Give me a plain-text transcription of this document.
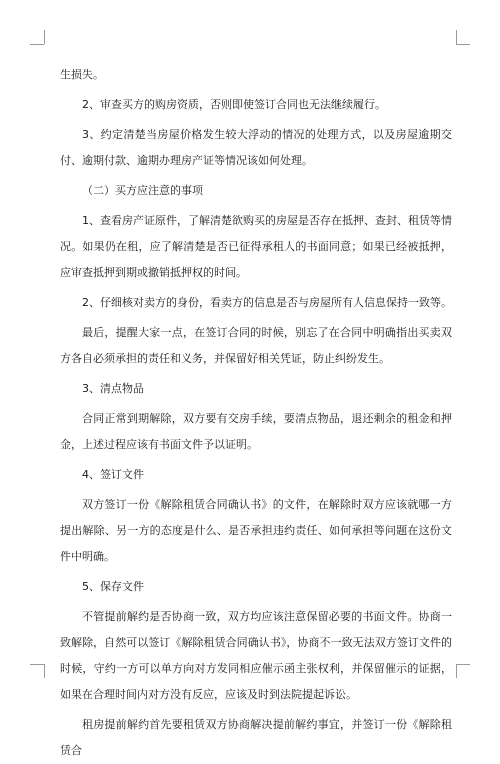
生损失。

2、审查买方的购房资质，否则即使签订合同也无法继续履行。

3、约定清楚当房屋价格发生较大浮动的情况的处理方式，以及房屋逾期交付、逾期付款、逾期办理房产证等情况该如何处理。

（二）买方应注意的事项

1、查看房产证原件，了解清楚欲购买的房屋是否存在抵押、查封、租赁等情况。如果仍在租，应了解清楚是否已征得承租人的书面同意；如果已经被抵押，应审查抵押到期或撤销抵押权的时间。

2、仔细核对卖方的身份，看卖方的信息是否与房屋所有人信息保持一致等。

最后，提醒大家一点，在签订合同的时候，别忘了在合同中明确指出买卖双方各自必须承担的责任和义务，并保留好相关凭证，防止纠纷发生。

3、清点物品

合同正常到期解除，双方要有交房手续，要清点物品，退还剩余的租金和押金，上述过程应该有书面文件予以证明。

4、签订文件

双方签订一份《解除租赁合同确认书》的文件，在解除时双方应该就哪一方提出解除、另一方的态度是什么、是否承担违约责任、如何承担等问题在这份文件中明确。

5、保存文件

不管提前解约是否协商一致，双方均应该注意保留必要的书面文件。协商一致解除，自然可以签订《解除租赁合同确认书》，协商不一致无法双方签订文件的时候，守约一方可以单方向对方发同相应催示函主张权利，并保留催示的证据，如果在合理时间内对方没有反应，应该及时到法院提起诉讼。

租房提前解约首先要租赁双方协商解决提前解约事宜，并签订一份《解除租赁合
